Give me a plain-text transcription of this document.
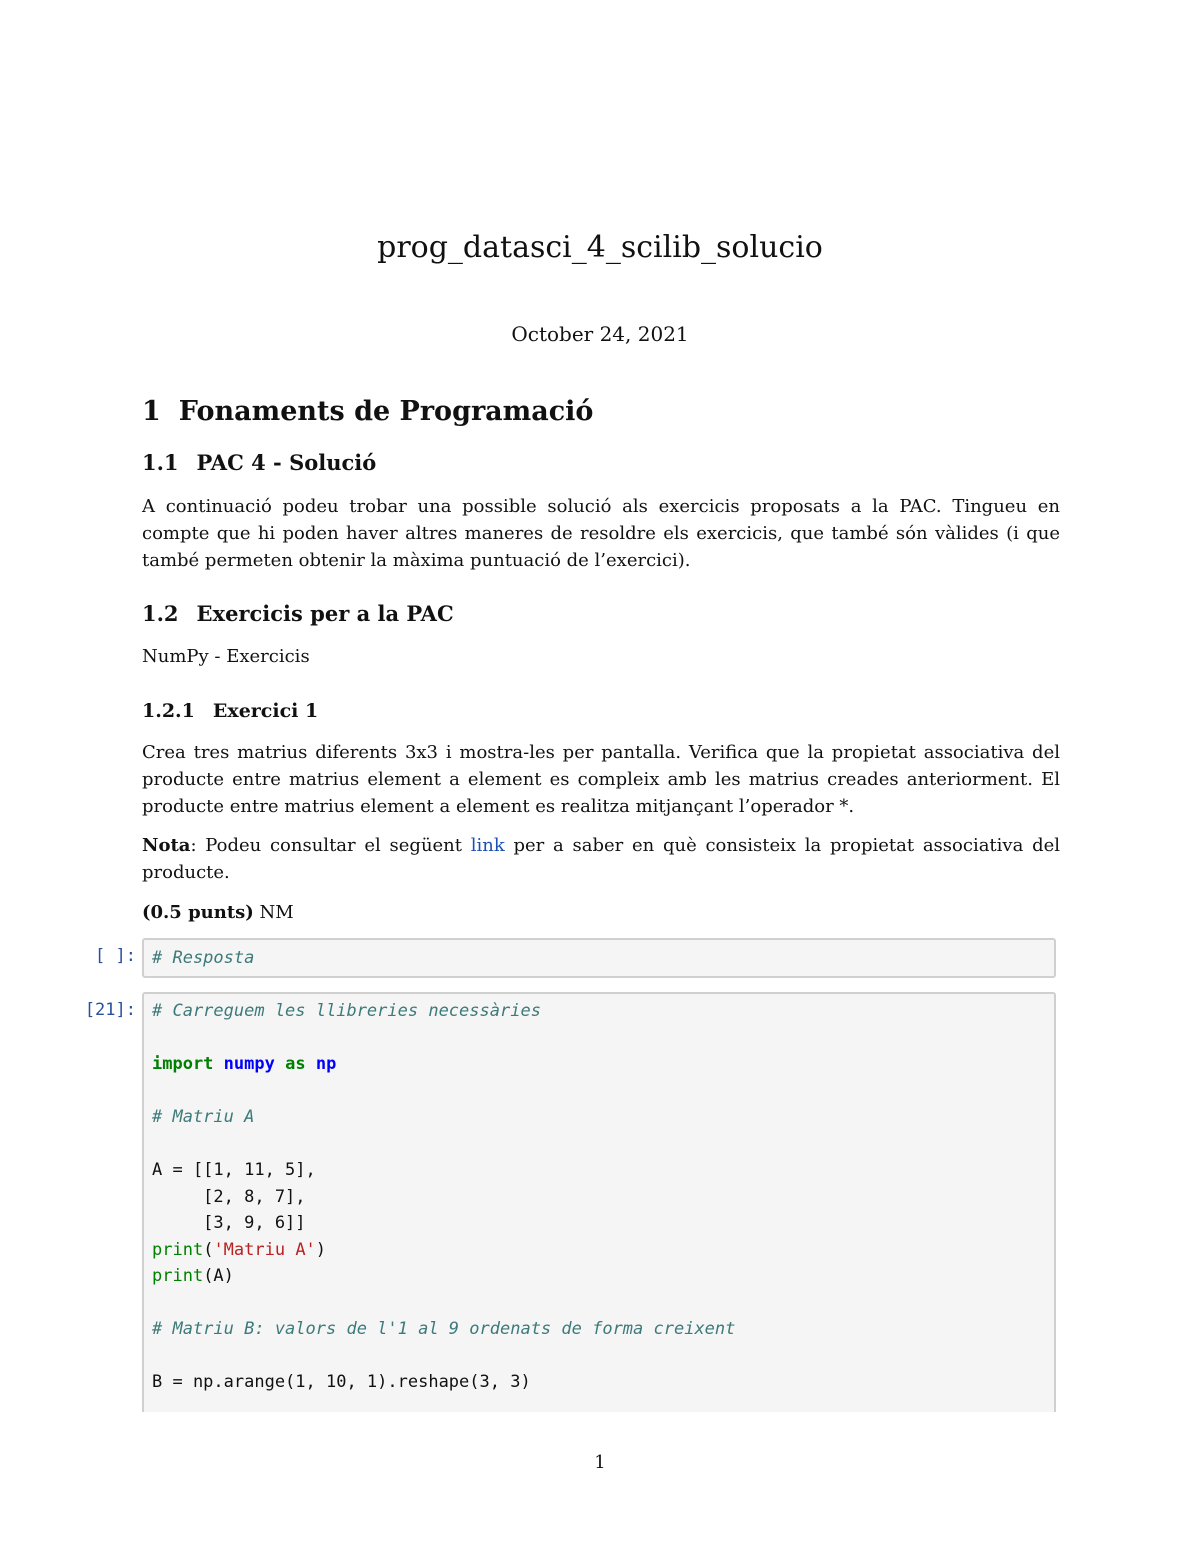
prog_datasci_4_scilib_solucio
October 24, 2021
1 Fonaments de Programació
1.1 PAC 4 - Solució

A continuació podeu trobar una possible solució als exercicis proposats a la PAC. Tingueu en compte que hi poden haver altres maneres de resoldre els exercicis, que també són vàlides (i que també permeten obtenir la màxima puntuació de l’exercici).

1.2 Exercicis per a la PAC

NumPy - Exercicis

1.2.1 Exercici 1

Crea tres matrius diferents 3x3 i mostra-les per pantalla. Verifica que la propietat associativa del producte entre matrius element a element es compleix amb les matrius creades anteriorment. El producte entre matrius element a element es realitza mitjançant l’operador *.

Nota: Podeu consultar el següent link per a saber en què consisteix la propietat associativa del producte.

(0.5 punts) NM

[ ]: # Resposta
[21]: # Carreguem les llibreries necessàries
import numpy as np
# Matriu A
A = [[1, 11, 5],
[2, 8, 7],
[3, 9, 6]]
print('Matriu A')
print(A)
# Matriu B: valors de l'1 al 9 ordenats de forma creixent
B = np.arange(1, 10, 1).reshape(3, 3)
1
